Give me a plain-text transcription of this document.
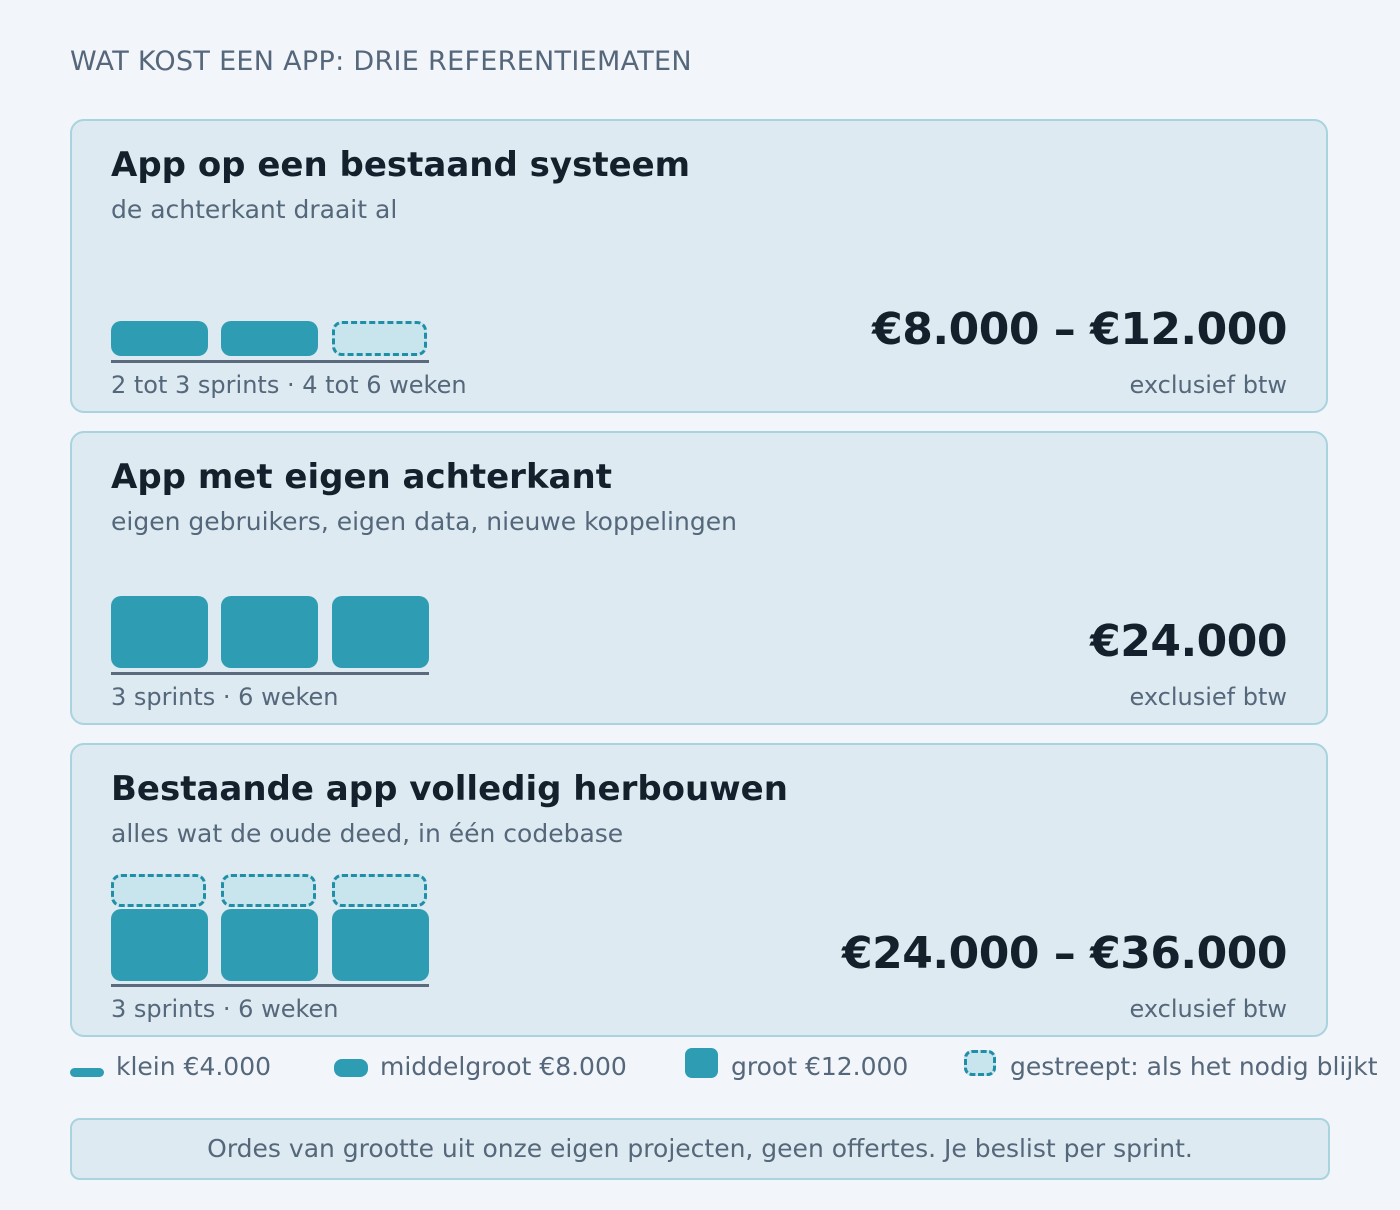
WAT KOST EEN APP: DRIE REFERENTIEMATEN
App op een bestaand systeem
de achterkant draait al
2 tot 3 sprints · 4 tot 6 weken
€8.000 – €12.000
exclusief btw
App met eigen achterkant
eigen gebruikers, eigen data, nieuwe koppelingen
3 sprints · 6 weken
€24.000
exclusief btw
Bestaande app volledig herbouwen
alles wat de oude deed, in één codebase
3 sprints · 6 weken
€24.000 – €36.000
exclusief btw
klein €4.000	middelgroot €8.000	groot €12.000	gestreept: als het nodig blijkt
Ordes van grootte uit onze eigen projecten, geen offertes. Je beslist per sprint.
